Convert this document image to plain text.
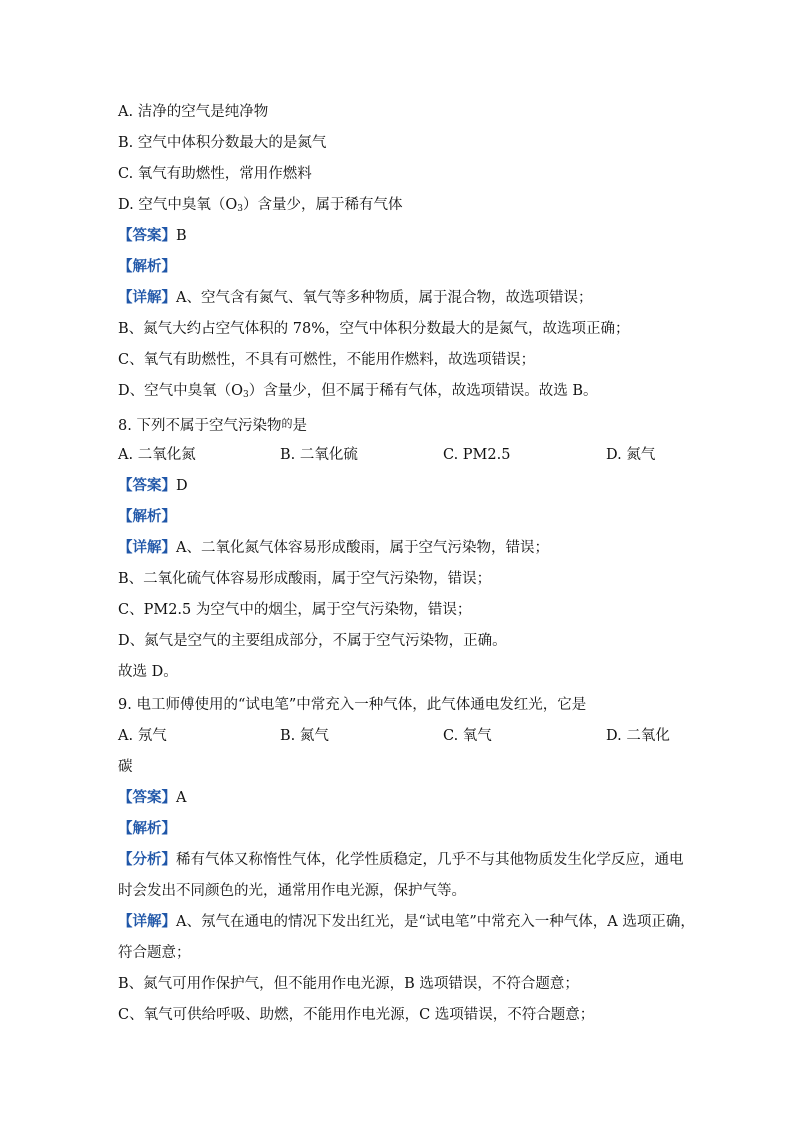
A. 洁净的空气是纯净物
B. 空气中体积分数最大的是氮气
C. 氧气有助燃性，常用作燃料
D. 空气中臭氧$(O_3)$含量少，属于稀有气体
【答案】B
【解析】
【详解】A、空气含有氮气、氧气等多种物质，属于混合物，故选项错误；
B、氮气大约占空气体积的 78%，空气中体积分数最大的是氮气，故选项正确；
C、氧气有助燃性，不具有可燃性，不能用作燃料，故选项错误；
D、空气中臭氧$(O_3)$含量少，但不属于稀有气体，故选项错误。故选 B。
8. 下列不属于空气污染物$^的$是
A. 二氧化氮	B. 二氧化硫	C. PM2.5	D. 氮气
【答案】D
【解析】
【详解】A、二氧化氮气体容易形成酸雨，属于空气污染物，错误；
B、二氧化硫气体容易形成酸雨，属于空气污染物，错误；
C、PM2.5 为空气中的烟尘，属于空气污染物，错误；
D、氮气是空气的主要组成部分，不属于空气污染物，正确。
故选 D。
9. 电工师傅使用的“试电笔”中常充入一种气体，此气体通电发红光，它是
A. 氖气	B. 氮气	C. 氧气	D. 二氧化
碳
【答案】A
【解析】
【分析】稀有气体又称惰性气体，化学性质稳定，几乎不与其他物质发生化学反应，通电
时会发出不同颜色的光，通常用作电光源，保护气等。
【详解】A、氖气在通电的情况下发出红光，是“试电笔”中常充入一种气体，A 选项正确，
符合题意；
B、氮气可用作保护气，但不能用作电光源，B 选项错误，不符合题意；
C、氧气可供给呼吸、助燃，不能用作电光源，C 选项错误，不符合题意；
